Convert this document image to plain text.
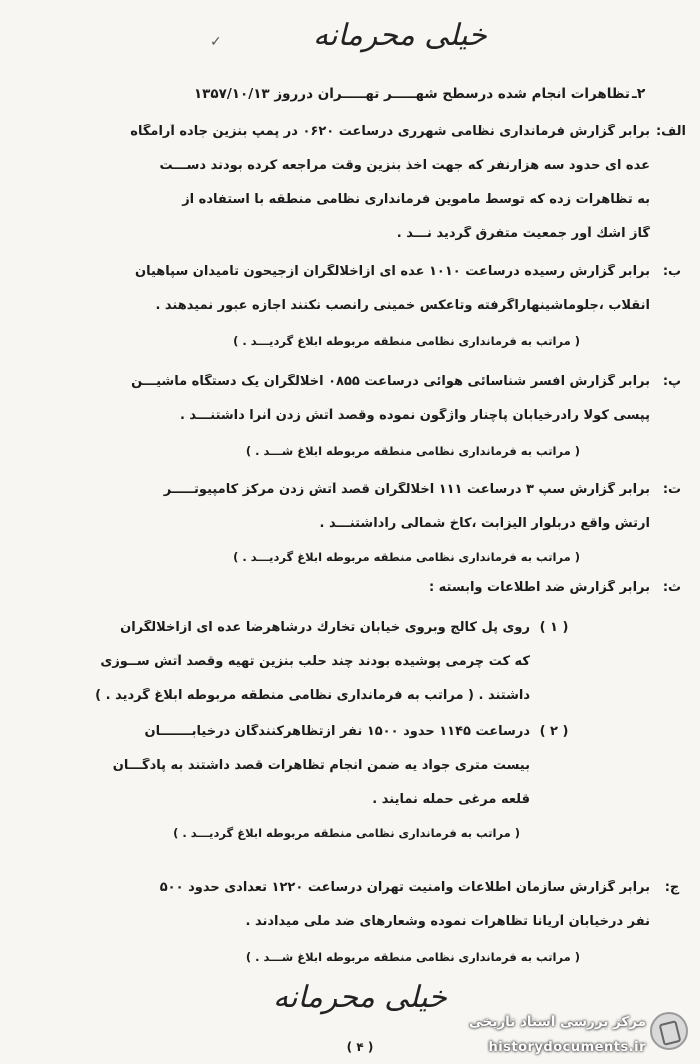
خیلی محرمانه
✓
۲ـ
تظاهرات انجام شده درسطح شهـــــر تهـــــران درروز ۱۳۵۷/۱۰/۱۳
الف:
برابر گزارش فرمانداری نظامی شهرری درساعت ۰۶۲۰ در پمپ بنزین جاده آرامگاه
عده ای حدود سه هزارنفر که جهت اخذ بنزین وقت مراجعه کرده بودند دســـت
به تظاهرات زده که توسط ماموین فرمانداری نظامی منطقه با استفاده از
گاز اشك آور جمعیت متفرق گردید نـــد .
ب:
برابر گزارش رسیده درساعت ۱۰۱۰ عده ای ازاخلالگران ازجیحون تامیدان سپاهیان
انقلاب ،جلوماشینهاراگرفته وتاعکس خمینی رانصب نکنند اجازه عبور نمیدهند .
( مراتب به فرمانداری نظامی منطقه مربوطه ابلاغ گردیـــد . )
پ:
برابر گزارش افسر شناسائی هوائی درساعت ۰۸۵۵ اخلالگران یک دستگاه ماشیـــن
پپسی کولا رادرخیابان پاچنار واژگون نموده وقصد آتش زدن آنرا داشتنـــد .
( مراتب به فرمانداری نظامی منطقه مربوطه ابلاغ شـــد . )
ت:
برابر گزارش سپ ۳ درساعت ۱۱۱ اخلالگران قصد آتش زدن مرکز کامپیوتـــــر
ارتش واقع دربلوار الیزابت ،کاخ شمالی راداشتنـــد .
( مراتب به فرمانداری نظامی منطقه مربوطه ابلاغ گردیـــد . )
ث:
برابر گزارش ضد اطلاعات وابسته :
( ۱ )
روی پل کالج وبروی خیابان تخارك درشاهرضا عده ای ازاخلالگران
که کت چرمی پوشیده بودند چند حلب بنزین تهیه وقصد آتش ســوزی
داشتند . ( مراتب به فرمانداری نظامی منطقه مربوطه ابلاغ گردید . )
( ۲ )
درساعت ۱۱۴۵ حدود ۱۵۰۰ نفر ازتظاهرکنندگان درخیابـــــــان
بیست متری جواد یه ضمن انجام تظاهرات قصد داشتند به پادگـــان
قلعه مرغی حمله نمایند .
( مراتب به فرمانداری نظامی منطقه مربوطه ابلاغ گردیـــد . )
ج:
برابر گزارش سازمان اطلاعات وامنیت تهران درساعت ۱۲۲۰ تعدادی حدود ۵۰۰
نفر درخیابان آریانا تظاهرات نموده وشعارهای ضد ملی میدادند .
( مراتب به فرمانداری نظامی منطقه مربوطه ابلاغ شـــد . )
خیلی محرمانه
( ۴ )
مرکز بررسی اسناد تاریخی
historydocuments.ir
